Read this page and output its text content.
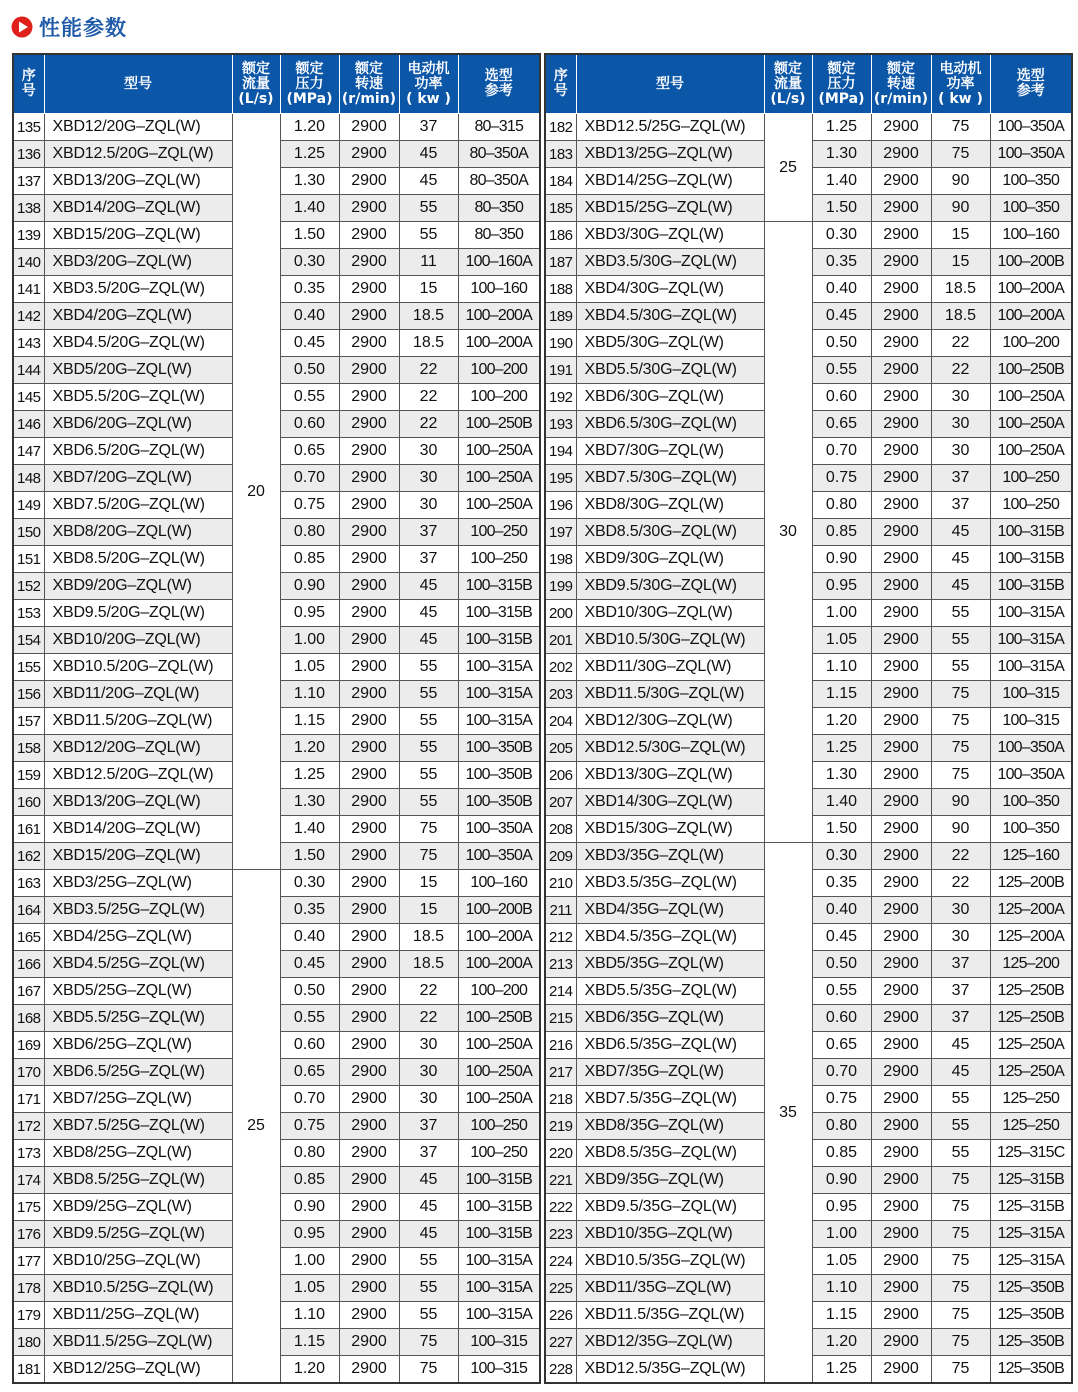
性能参数
序
号	型号	额定
流量
(L/s)	额定
压力
(MPa)	额定
转速
(r/min)	电动机
功率
( kw )	选型
参考
135	XBD12/20G–ZQL(W)	20	1.20	2900	37	80–315
136	XBD12.5/20G–ZQL(W)		1.25	2900	45	80–350A
137	XBD13/20G–ZQL(W)		1.30	2900	45	80–350A
138	XBD14/20G–ZQL(W)		1.40	2900	55	80–350
139	XBD15/20G–ZQL(W)		1.50	2900	55	80–350
140	XBD3/20G–ZQL(W)		0.30	2900	11	100–160A
141	XBD3.5/20G–ZQL(W)		0.35	2900	15	100–160
142	XBD4/20G–ZQL(W)		0.40	2900	18.5	100–200A
143	XBD4.5/20G–ZQL(W)		0.45	2900	18.5	100–200A
144	XBD5/20G–ZQL(W)		0.50	2900	22	100–200
145	XBD5.5/20G–ZQL(W)		0.55	2900	22	100–200
146	XBD6/20G–ZQL(W)		0.60	2900	22	100–250B
147	XBD6.5/20G–ZQL(W)		0.65	2900	30	100–250A
148	XBD7/20G–ZQL(W)		0.70	2900	30	100–250A
149	XBD7.5/20G–ZQL(W)		0.75	2900	30	100–250A
150	XBD8/20G–ZQL(W)		0.80	2900	37	100–250
151	XBD8.5/20G–ZQL(W)		0.85	2900	37	100–250
152	XBD9/20G–ZQL(W)		0.90	2900	45	100–315B
153	XBD9.5/20G–ZQL(W)		0.95	2900	45	100–315B
154	XBD10/20G–ZQL(W)		1.00	2900	45	100–315B
155	XBD10.5/20G–ZQL(W)		1.05	2900	55	100–315A
156	XBD11/20G–ZQL(W)		1.10	2900	55	100–315A
157	XBD11.5/20G–ZQL(W)		1.15	2900	55	100–315A
158	XBD12/20G–ZQL(W)		1.20	2900	55	100–350B
159	XBD12.5/20G–ZQL(W)		1.25	2900	55	100–350B
160	XBD13/20G–ZQL(W)		1.30	2900	55	100–350B
161	XBD14/20G–ZQL(W)		1.40	2900	75	100–350A
162	XBD15/20G–ZQL(W)		1.50	2900	75	100–350A
163	XBD3/25G–ZQL(W)	25	0.30	2900	15	100–160
164	XBD3.5/25G–ZQL(W)		0.35	2900	15	100–200B
165	XBD4/25G–ZQL(W)		0.40	2900	18.5	100–200A
166	XBD4.5/25G–ZQL(W)		0.45	2900	18.5	100–200A
167	XBD5/25G–ZQL(W)		0.50	2900	22	100–200
168	XBD5.5/25G–ZQL(W)		0.55	2900	22	100–250B
169	XBD6/25G–ZQL(W)		0.60	2900	30	100–250A
170	XBD6.5/25G–ZQL(W)		0.65	2900	30	100–250A
171	XBD7/25G–ZQL(W)		0.70	2900	30	100–250A
172	XBD7.5/25G–ZQL(W)		0.75	2900	37	100–250
173	XBD8/25G–ZQL(W)		0.80	2900	37	100–250
174	XBD8.5/25G–ZQL(W)		0.85	2900	45	100–315B
175	XBD9/25G–ZQL(W)		0.90	2900	45	100–315B
176	XBD9.5/25G–ZQL(W)		0.95	2900	45	100–315B
177	XBD10/25G–ZQL(W)		1.00	2900	55	100–315A
178	XBD10.5/25G–ZQL(W)		1.05	2900	55	100–315A
179	XBD11/25G–ZQL(W)		1.10	2900	55	100–315A
180	XBD11.5/25G–ZQL(W)		1.15	2900	75	100–315
181	XBD12/25G–ZQL(W)		1.20	2900	75	100–315
序
号	型号	额定
流量
(L/s)	额定
压力
(MPa)	额定
转速
(r/min)	电动机
功率
( kw )	选型
参考
182	XBD12.5/25G–ZQL(W)	25	1.25	2900	75	100–350A
183	XBD13/25G–ZQL(W)		1.30	2900	75	100–350A
184	XBD14/25G–ZQL(W)		1.40	2900	90	100–350
185	XBD15/25G–ZQL(W)		1.50	2900	90	100–350
186	XBD3/30G–ZQL(W)	30	0.30	2900	15	100–160
187	XBD3.5/30G–ZQL(W)		0.35	2900	15	100–200B
188	XBD4/30G–ZQL(W)		0.40	2900	18.5	100–200A
189	XBD4.5/30G–ZQL(W)		0.45	2900	18.5	100–200A
190	XBD5/30G–ZQL(W)		0.50	2900	22	100–200
191	XBD5.5/30G–ZQL(W)		0.55	2900	22	100–250B
192	XBD6/30G–ZQL(W)		0.60	2900	30	100–250A
193	XBD6.5/30G–ZQL(W)		0.65	2900	30	100–250A
194	XBD7/30G–ZQL(W)		0.70	2900	30	100–250A
195	XBD7.5/30G–ZQL(W)		0.75	2900	37	100–250
196	XBD8/30G–ZQL(W)		0.80	2900	37	100–250
197	XBD8.5/30G–ZQL(W)		0.85	2900	45	100–315B
198	XBD9/30G–ZQL(W)		0.90	2900	45	100–315B
199	XBD9.5/30G–ZQL(W)		0.95	2900	45	100–315B
200	XBD10/30G–ZQL(W)		1.00	2900	55	100–315A
201	XBD10.5/30G–ZQL(W)		1.05	2900	55	100–315A
202	XBD11/30G–ZQL(W)		1.10	2900	55	100–315A
203	XBD11.5/30G–ZQL(W)		1.15	2900	75	100–315
204	XBD12/30G–ZQL(W)		1.20	2900	75	100–315
205	XBD12.5/30G–ZQL(W)		1.25	2900	75	100–350A
206	XBD13/30G–ZQL(W)		1.30	2900	75	100–350A
207	XBD14/30G–ZQL(W)		1.40	2900	90	100–350
208	XBD15/30G–ZQL(W)		1.50	2900	90	100–350
209	XBD3/35G–ZQL(W)	35	0.30	2900	22	125–160
210	XBD3.5/35G–ZQL(W)		0.35	2900	22	125–200B
211	XBD4/35G–ZQL(W)		0.40	2900	30	125–200A
212	XBD4.5/35G–ZQL(W)		0.45	2900	30	125–200A
213	XBD5/35G–ZQL(W)		0.50	2900	37	125–200
214	XBD5.5/35G–ZQL(W)		0.55	2900	37	125–250B
215	XBD6/35G–ZQL(W)		0.60	2900	37	125–250B
216	XBD6.5/35G–ZQL(W)		0.65	2900	45	125–250A
217	XBD7/35G–ZQL(W)		0.70	2900	45	125–250A
218	XBD7.5/35G–ZQL(W)		0.75	2900	55	125–250
219	XBD8/35G–ZQL(W)		0.80	2900	55	125–250
220	XBD8.5/35G–ZQL(W)		0.85	2900	55	125–315C
221	XBD9/35G–ZQL(W)		0.90	2900	75	125–315B
222	XBD9.5/35G–ZQL(W)		0.95	2900	75	125–315B
223	XBD10/35G–ZQL(W)		1.00	2900	75	125–315A
224	XBD10.5/35G–ZQL(W)		1.05	2900	75	125–315A
225	XBD11/35G–ZQL(W)		1.10	2900	75	125–350B
226	XBD11.5/35G–ZQL(W)		1.15	2900	75	125–350B
227	XBD12/35G–ZQL(W)		1.20	2900	75	125–350B
228	XBD12.5/35G–ZQL(W)		1.25	2900	75	125–350B
